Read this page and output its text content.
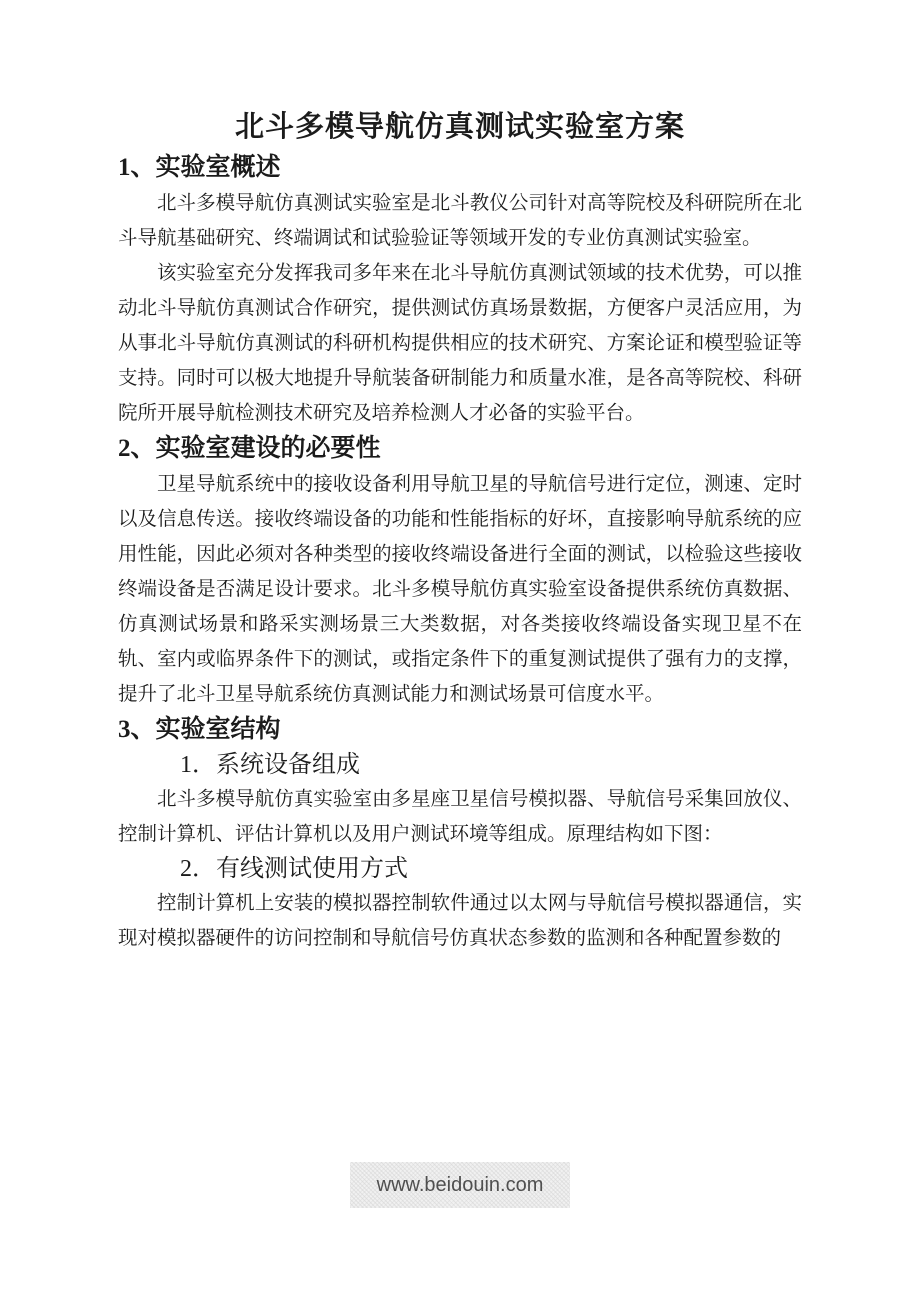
北斗多模导航仿真测试实验室方案
1、实验室概述

北斗多模导航仿真测试实验室是北斗教仪公司针对高等院校及科研院所在北斗导航基础研究、终端调试和试验验证等领域开发的专业仿真测试实验室。

该实验室充分发挥我司多年来在北斗导航仿真测试领域的技术优势，可以推动北斗导航仿真测试合作研究，提供测试仿真场景数据，方便客户灵活应用，为从事北斗导航仿真测试的科研机构提供相应的技术研究、方案论证和模型验证等支持。同时可以极大地提升导航装备研制能力和质量水准，是各高等院校、科研院所开展导航检测技术研究及培养检测人才必备的实验平台。

2、实验室建设的必要性

卫星导航系统中的接收设备利用导航卫星的导航信号进行定位，测速、定时以及信息传送。接收终端设备的功能和性能指标的好坏，直接影响导航系统的应用性能，因此必须对各种类型的接收终端设备进行全面的测试，以检验这些接收终端设备是否满足设计要求。北斗多模导航仿真实验室设备提供系统仿真数据、仿真测试场景和路采实测场景三大类数据，对各类接收终端设备实现卫星不在轨、室内或临界条件下的测试，或指定条件下的重复测试提供了强有力的支撑，提升了北斗卫星导航系统仿真测试能力和测试场景可信度水平。

3、实验室结构
1．系统设备组成

北斗多模导航仿真实验室由多星座卫星信号模拟器、导航信号采集回放仪、控制计算机、评估计算机以及用户测试环境等组成。原理结构如下图：

2．有线测试使用方式

控制计算机上安装的模拟器控制软件通过以太网与导航信号模拟器通信，实现对模拟器硬件的访问控制和导航信号仿真状态参数的监测和各种配置参数的

www.beidouin.com
